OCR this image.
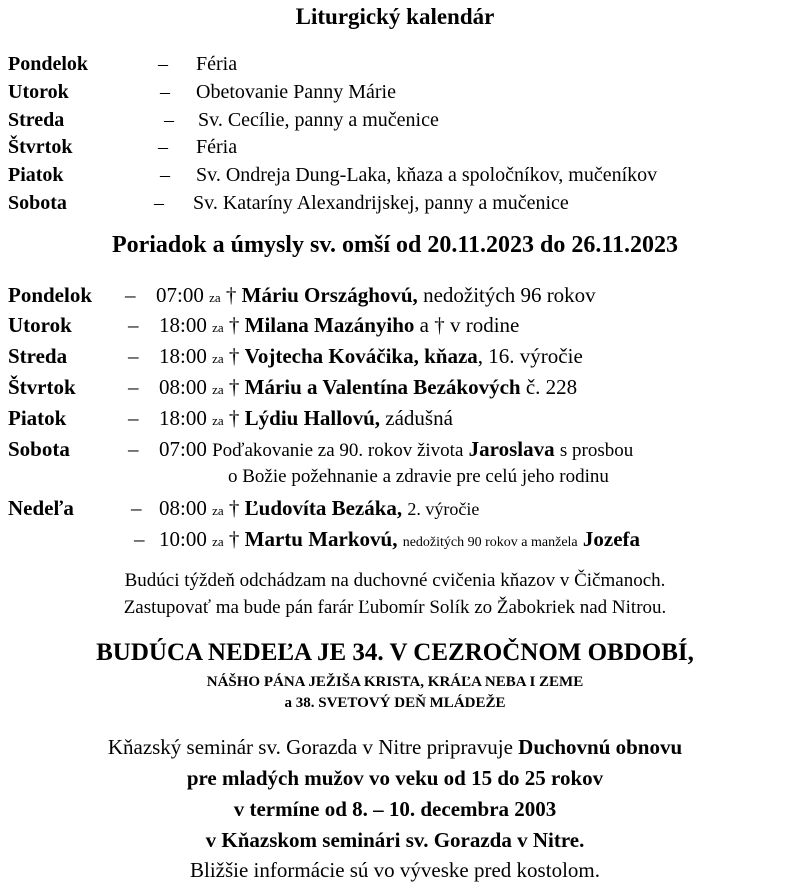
Liturgický kalendár
Pondelok	– Féria
Utorok	– Obetovanie Panny Márie
Streda	– Sv. Cecílie, panny a mučenice
Štvrtok	– Féria
Piatok	– Sv. Ondreja Dung-Laka, kňaza a spoločníkov, mučeníkov
Sobota	– Sv. Kataríny Alexandrijskej, panny a mučenice
Poriadok a úmysly sv. omší od 20.11.2023 do 26.11.2023
Pondelok – 07:00 za † Máriu Országhovú, nedožitých 96 rokov
Utorok	– 18:00 za † Milana Mazányiho a † v rodine
Streda	– 18:00 za † Vojtecha Kováčika, kňaza, 16. výročie
Štvrtok – 08:00 za † Máriu a Valentína Bezákových č. 228
Piatok	– 18:00 za † Lýdiu Hallovú, zádušná
Sobota	– 07:00 Poďakovanie za 90. rokov života Jaroslava s prosbou
o Božie požehnanie a zdravie pre celú jeho rodinu
Nedeľa	– 08:00 za † Ľudovíta Bezáka, 2. výročie
– 10:00 za † Martu Markovú, nedožitých 90 rokov a manžela Jozefa
Budúci týždeň odchádzam na duchovné cvičenia kňazov v Čičmanoch.
Zastupovať ma bude pán farár Ľubomír Solík zo Žabokriek nad Nitrou.
BUDÚCA NEDEĽA JE 34. V CEZROČNOM OBDOBÍ,
NÁŠHO PÁNA JEŽIŠA KRISTA, KRÁĽA NEBA I ZEME
a 38. SVETOVÝ DEŇ MLÁDEŽE
Kňazský seminár sv. Gorazda v Nitre pripravuje Duchovnú obnovu
pre mladých mužov vo veku od 15 do 25 rokov
v termíne od 8. – 10. decembra 2003
v Kňazskom seminári sv. Gorazda v Nitre.
Bližšie informácie sú vo vývеske pred kostolom.
